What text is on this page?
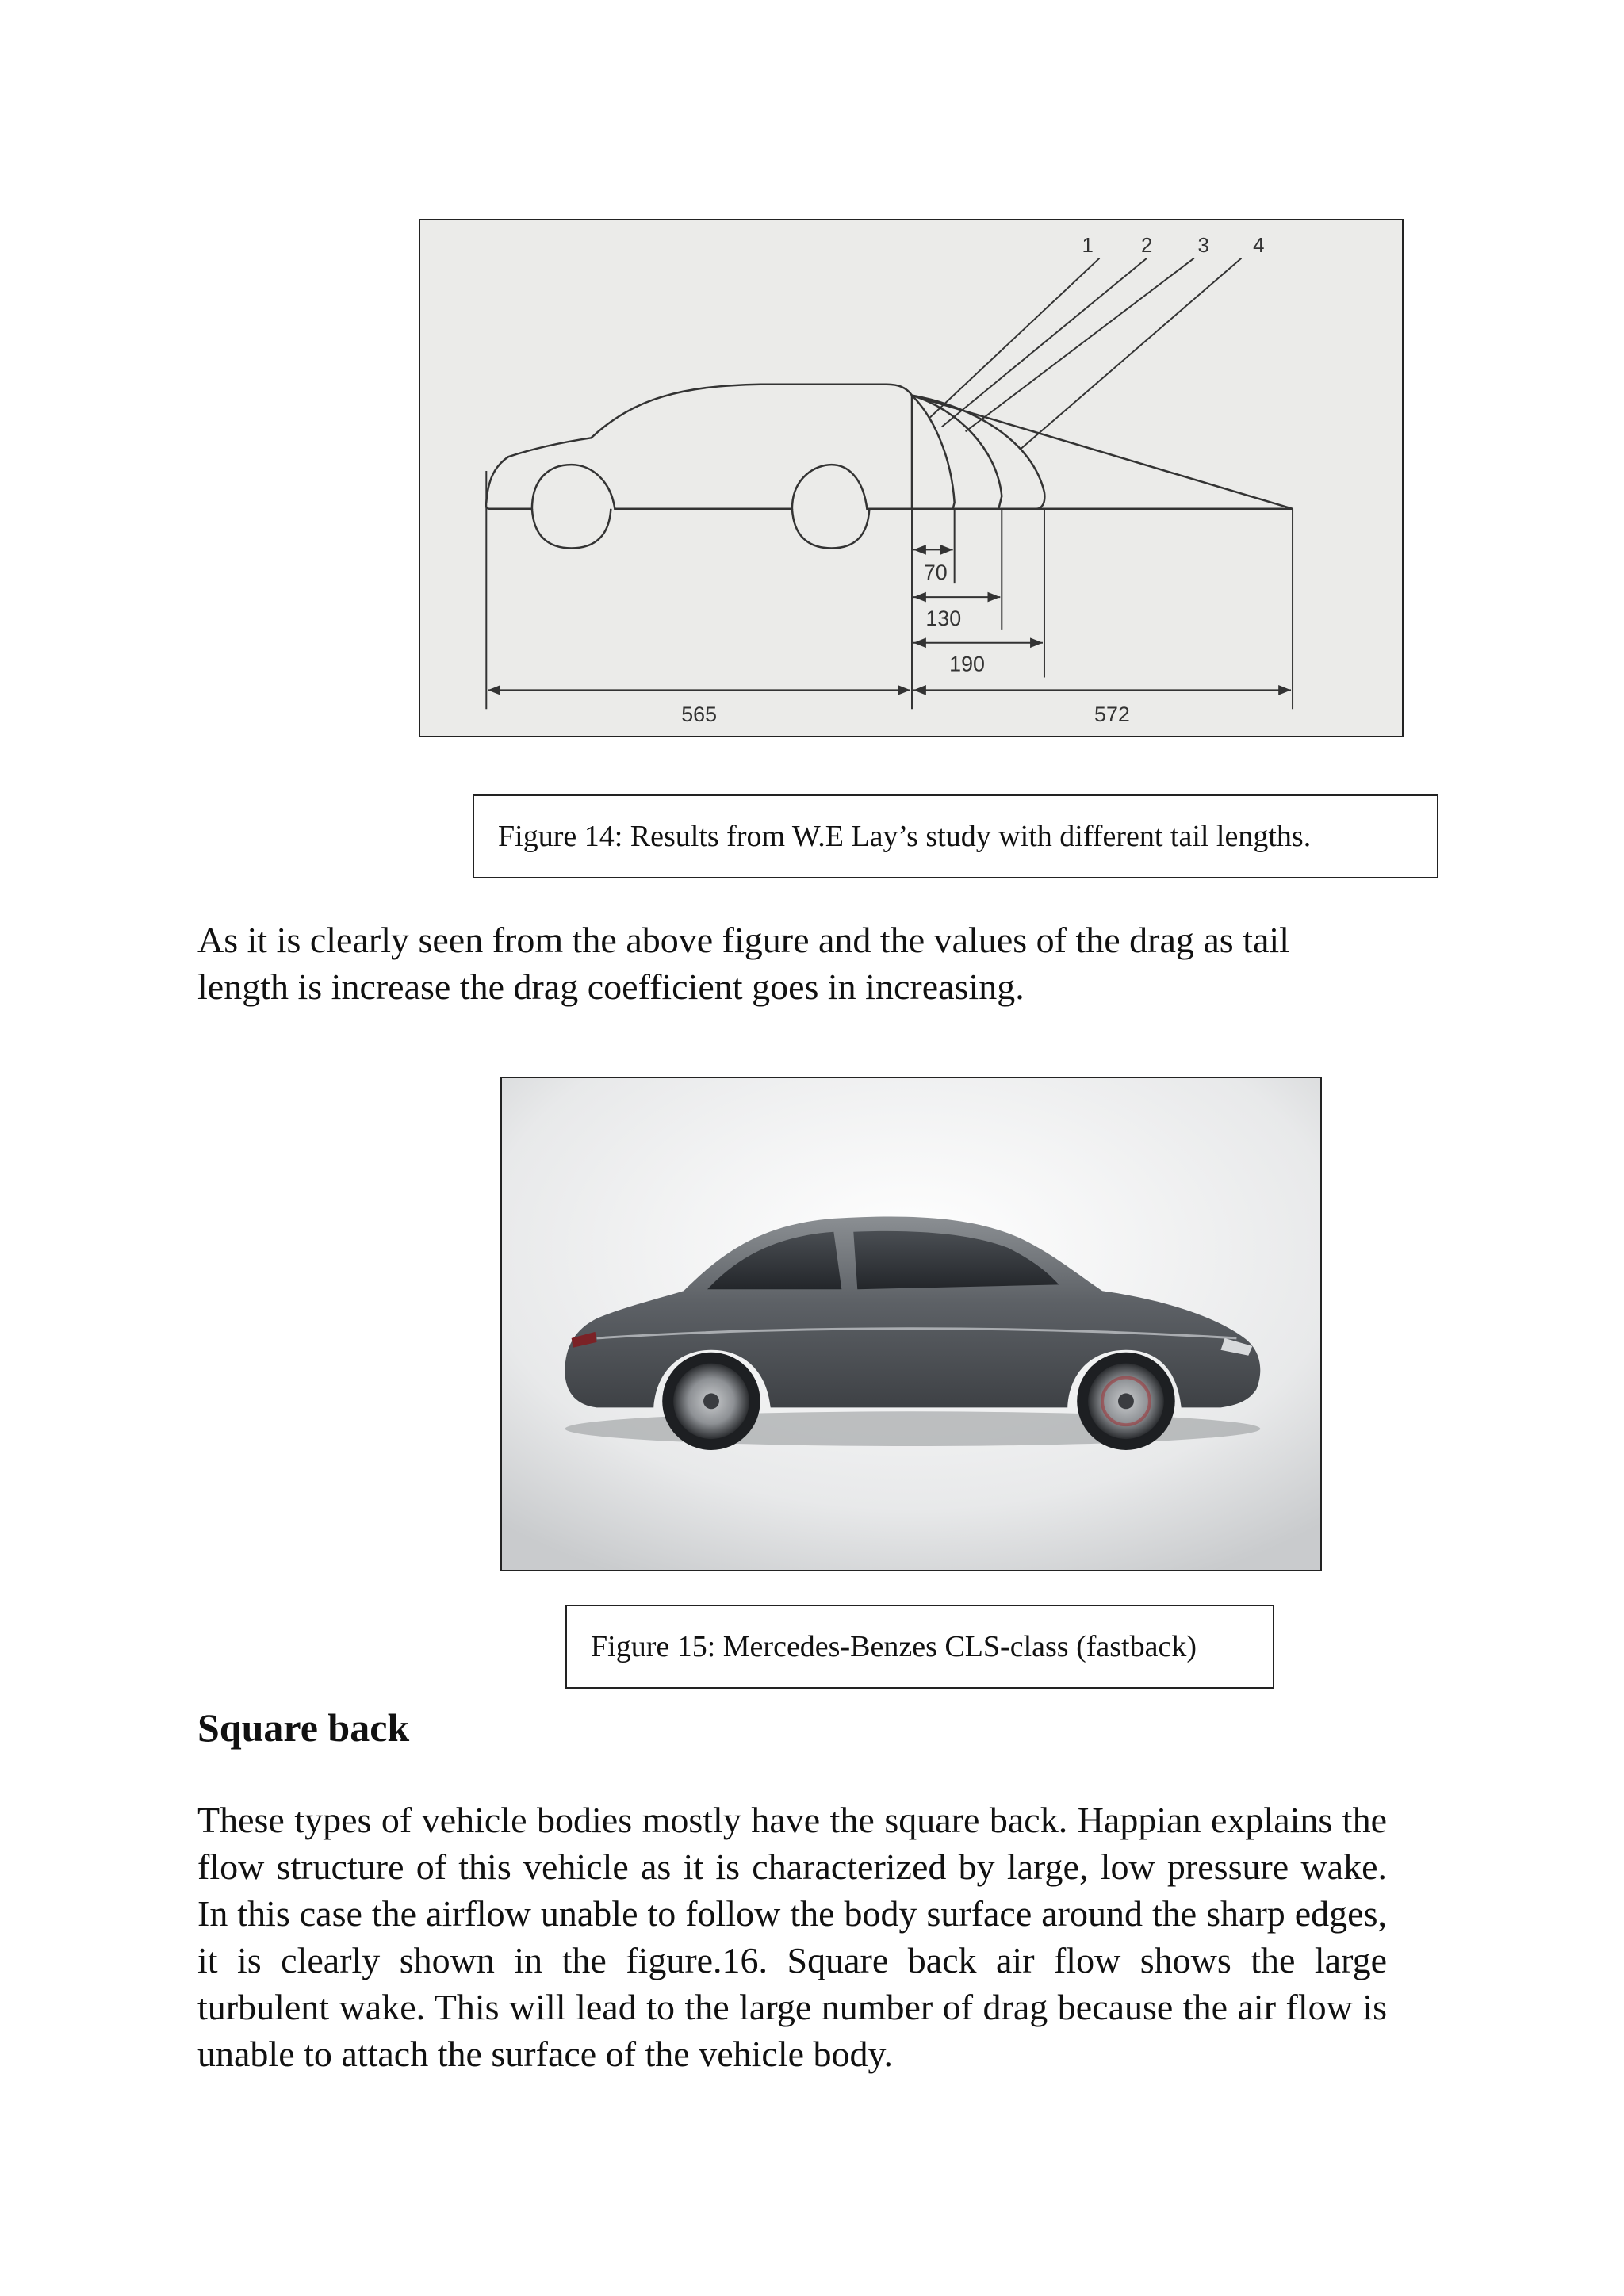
1 2 3 4
70
130
190
565	572
Figure 14: Results from W.E Lay’s study with different tail lengths.
As it is clearly seen from the above figure and the values of the drag as tail length is increase the drag coefficient goes in increasing.
Figure 15: Mercedes-Benzes CLS-class (fastback)
Square back
These types of vehicle bodies mostly have the square back. Happian explains the flow structure of this vehicle as it is characterized by large, low pressure wake. In this case the airflow unable to follow the body surface around the sharp edges, it is clearly shown in the figure.16. Square back air flow shows the large turbulent wake. This will lead to the large number of drag because the air flow is unable to attach the surface of the vehicle body.
